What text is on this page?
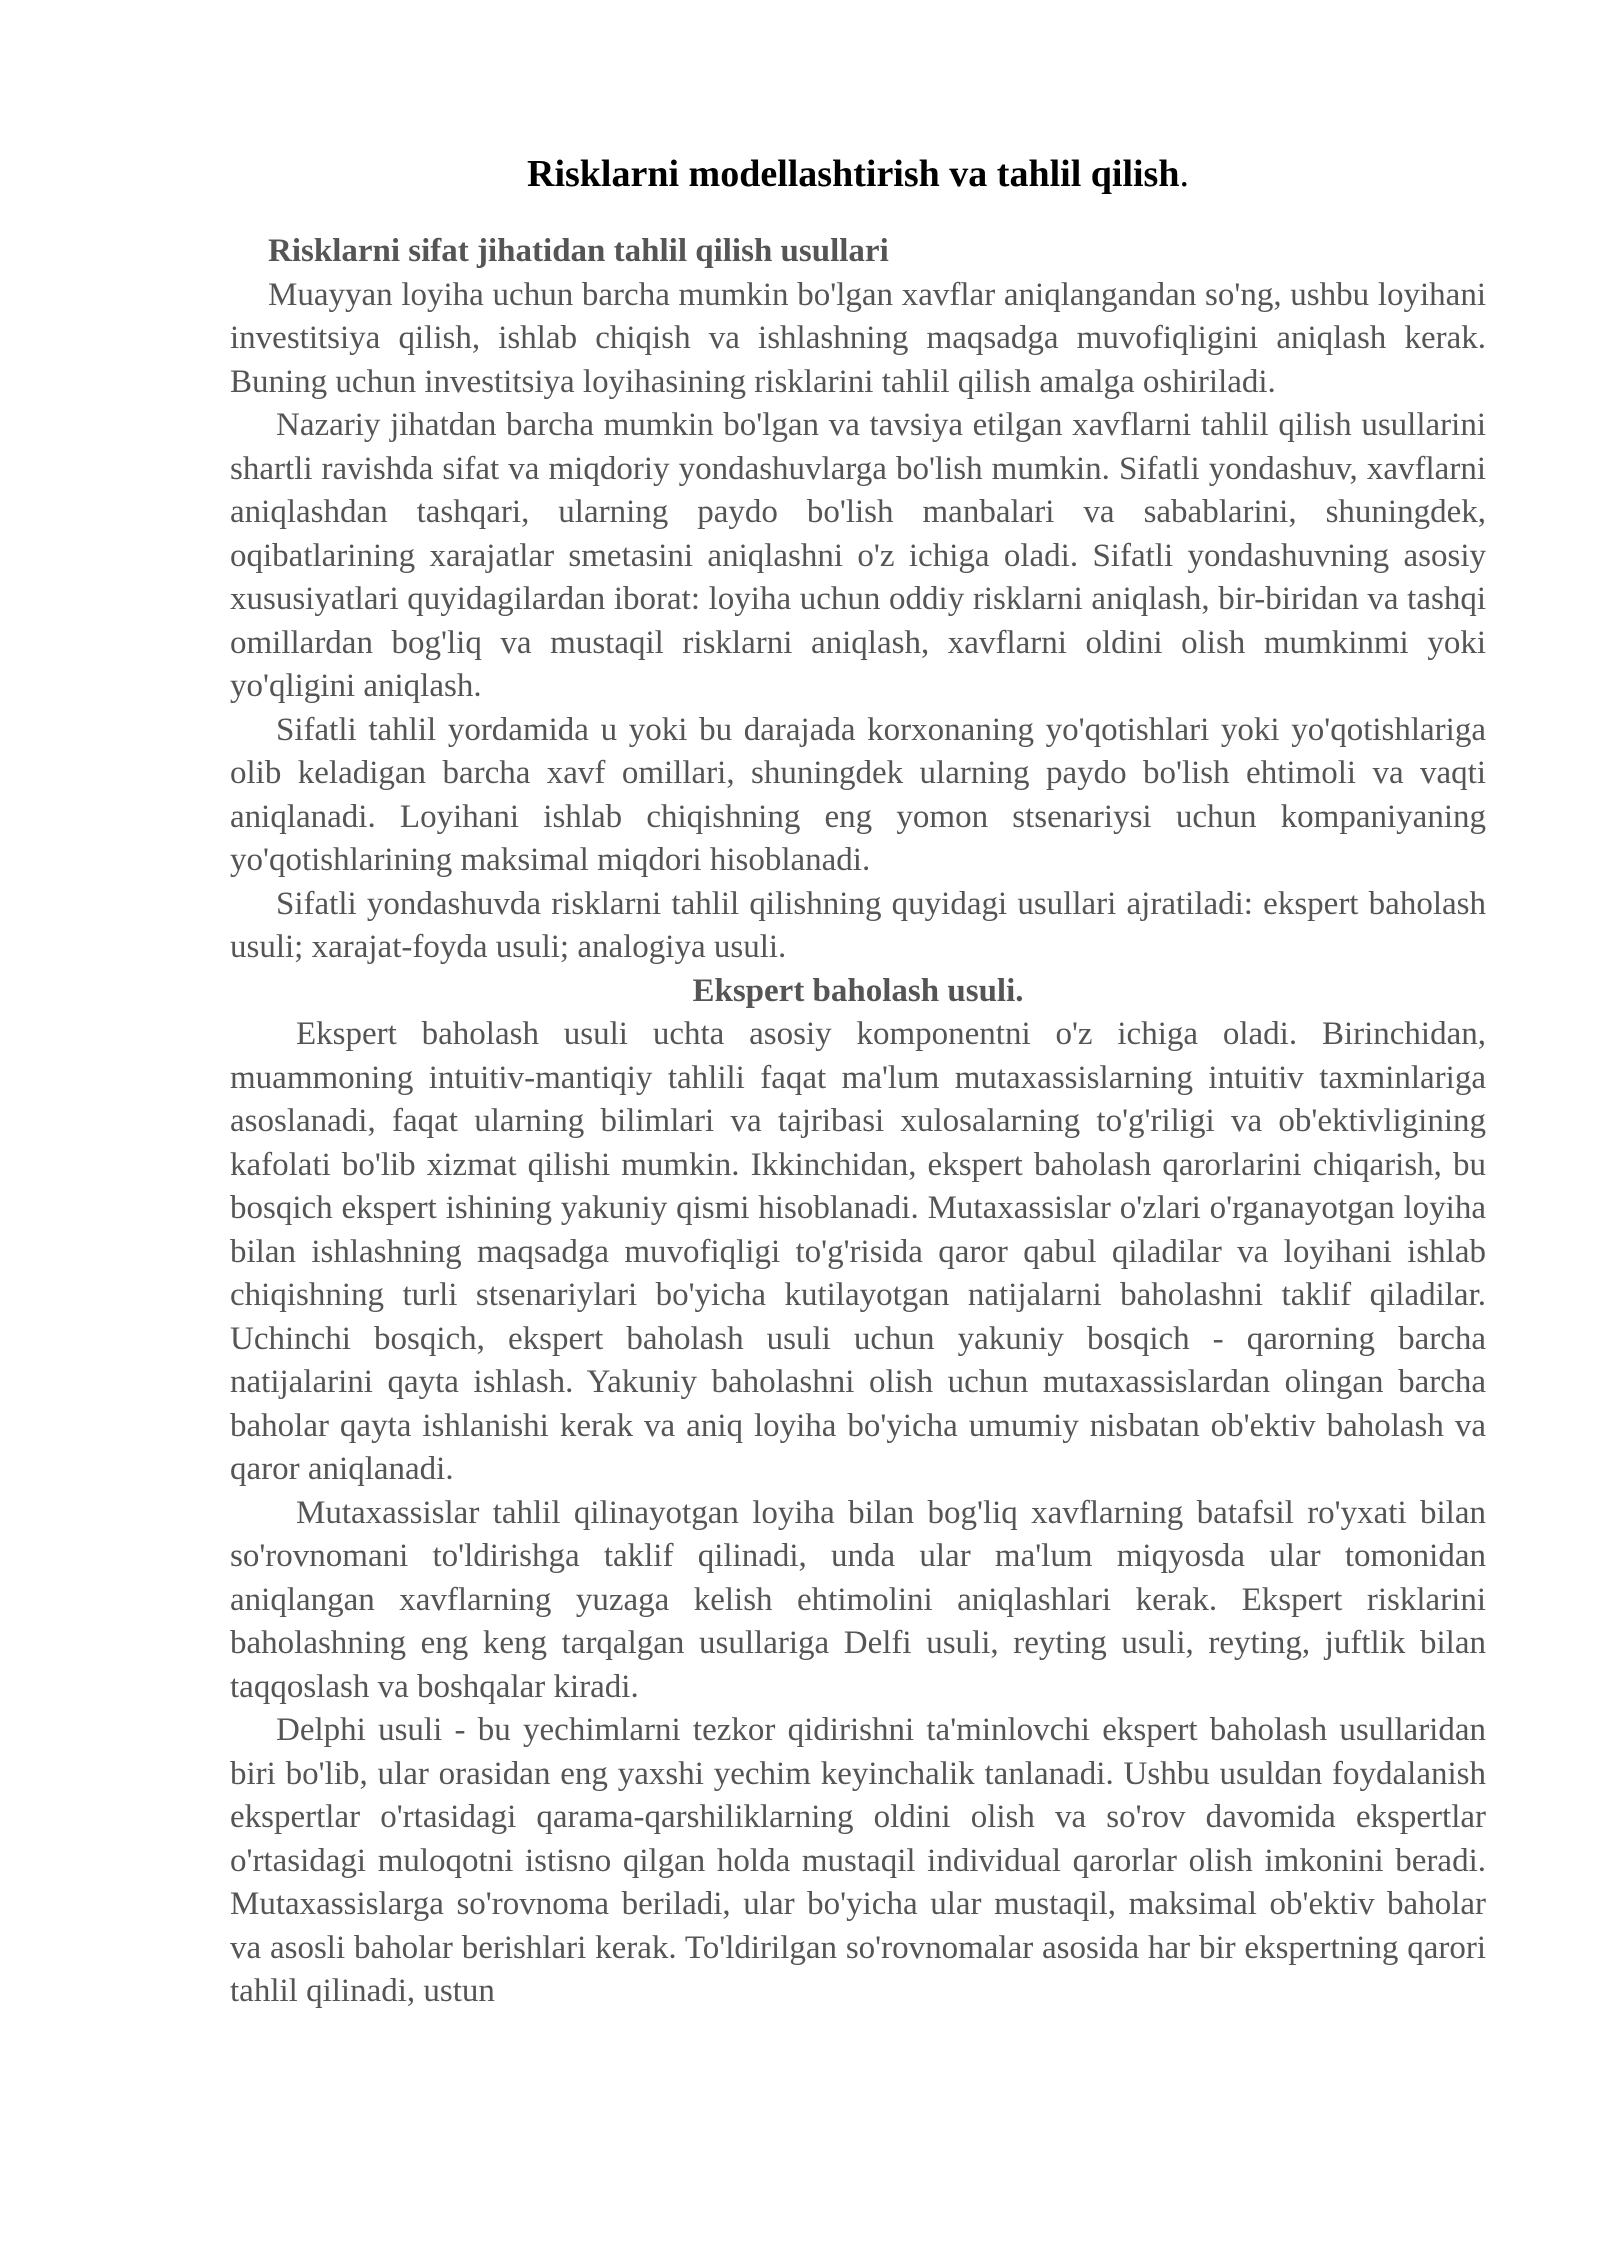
Risklarni modellashtirish va tahlil qilish.
Risklarni sifat jihatidan tahlil qilish usullari

Muayyan loyiha uchun barcha mumkin bo'lgan xavflar aniqlangandan so'ng, ushbu loyihani investitsiya qilish, ishlab chiqish va ishlashning maqsadga muvofiqligini aniqlash kerak. Buning uchun investitsiya loyihasining risklarini tahlil qilish amalga oshiriladi.

Nazariy jihatdan barcha mumkin bo'lgan va tavsiya etilgan xavflarni tahlil qilish usullarini shartli ravishda sifat va miqdoriy yondashuvlarga bo'lish mumkin. Sifatli yondashuv, xavflarni aniqlashdan tashqari, ularning paydo bo'lish manbalari va sabablarini, shuningdek, oqibatlarining xarajatlar smetasini aniqlashni o'z ichiga oladi. Sifatli yondashuvning asosiy xususiyatlari quyidagilardan iborat: loyiha uchun oddiy risklarni aniqlash, bir-biridan va tashqi omillardan bog'liq va mustaqil risklarni aniqlash, xavflarni oldini olish mumkinmi yoki yo'qligini aniqlash.

Sifatli tahlil yordamida u yoki bu darajada korxonaning yo'qotishlari yoki yo'qotishlariga olib keladigan barcha xavf omillari, shuningdek ularning paydo bo'lish ehtimoli va vaqti aniqlanadi. Loyihani ishlab chiqishning eng yomon stsenariysi uchun kompaniyaning yo'qotishlarining maksimal miqdori hisoblanadi.

Sifatli yondashuvda risklarni tahlil qilishning quyidagi usullari ajratiladi: ekspert baholash usuli; xarajat-foyda usuli; analogiya usuli.

Ekspert baholash usuli.

Ekspert baholash usuli uchta asosiy komponentni o'z ichiga oladi. Birinchidan, muammoning intuitiv-mantiqiy tahlili faqat ma'lum mutaxassislarning intuitiv taxminlariga asoslanadi, faqat ularning bilimlari va tajribasi xulosalarning to'g'riligi va ob'ektivligining kafolati bo'lib xizmat qilishi mumkin. Ikkinchidan, ekspert baholash qarorlarini chiqarish, bu bosqich ekspert ishining yakuniy qismi hisoblanadi. Mutaxassislar o'zlari o'rganayotgan loyiha bilan ishlashning maqsadga muvofiqligi to'g'risida qaror qabul qiladilar va loyihani ishlab chiqishning turli stsenariylari bo'yicha kutilayotgan natijalarni baholashni taklif qiladilar. Uchinchi bosqich, ekspert baholash usuli uchun yakuniy bosqich - qarorning barcha natijalarini qayta ishlash. Yakuniy baholashni olish uchun mutaxassislardan olingan barcha baholar qayta ishlanishi kerak va aniq loyiha bo'yicha umumiy nisbatan ob'ektiv baholash va qaror aniqlanadi.

Mutaxassislar tahlil qilinayotgan loyiha bilan bog'liq xavflarning batafsil ro'yxati bilan so'rovnomani to'ldirishga taklif qilinadi, unda ular ma'lum miqyosda ular tomonidan aniqlangan xavflarning yuzaga kelish ehtimolini aniqlashlari kerak. Ekspert risklarini baholashning eng keng tarqalgan usullariga Delfi usuli, reyting usuli, reyting, juftlik bilan taqqoslash va boshqalar kiradi.

Delphi usuli - bu yechimlarni tezkor qidirishni ta'minlovchi ekspert baholash usullaridan biri bo'lib, ular orasidan eng yaxshi yechim keyinchalik tanlanadi. Ushbu usuldan foydalanish ekspertlar o'rtasidagi qarama-qarshiliklarning oldini olish va so'rov davomida ekspertlar o'rtasidagi muloqotni istisno qilgan holda mustaqil individual qarorlar olish imkonini beradi. Mutaxassislarga so'rovnoma beriladi, ular bo'yicha ular mustaqil, maksimal ob'ektiv baholar va asosli baholar berishlari kerak. To'ldirilgan so'rovnomalar asosida har bir ekspertning qarori tahlil qilinadi, ustun
